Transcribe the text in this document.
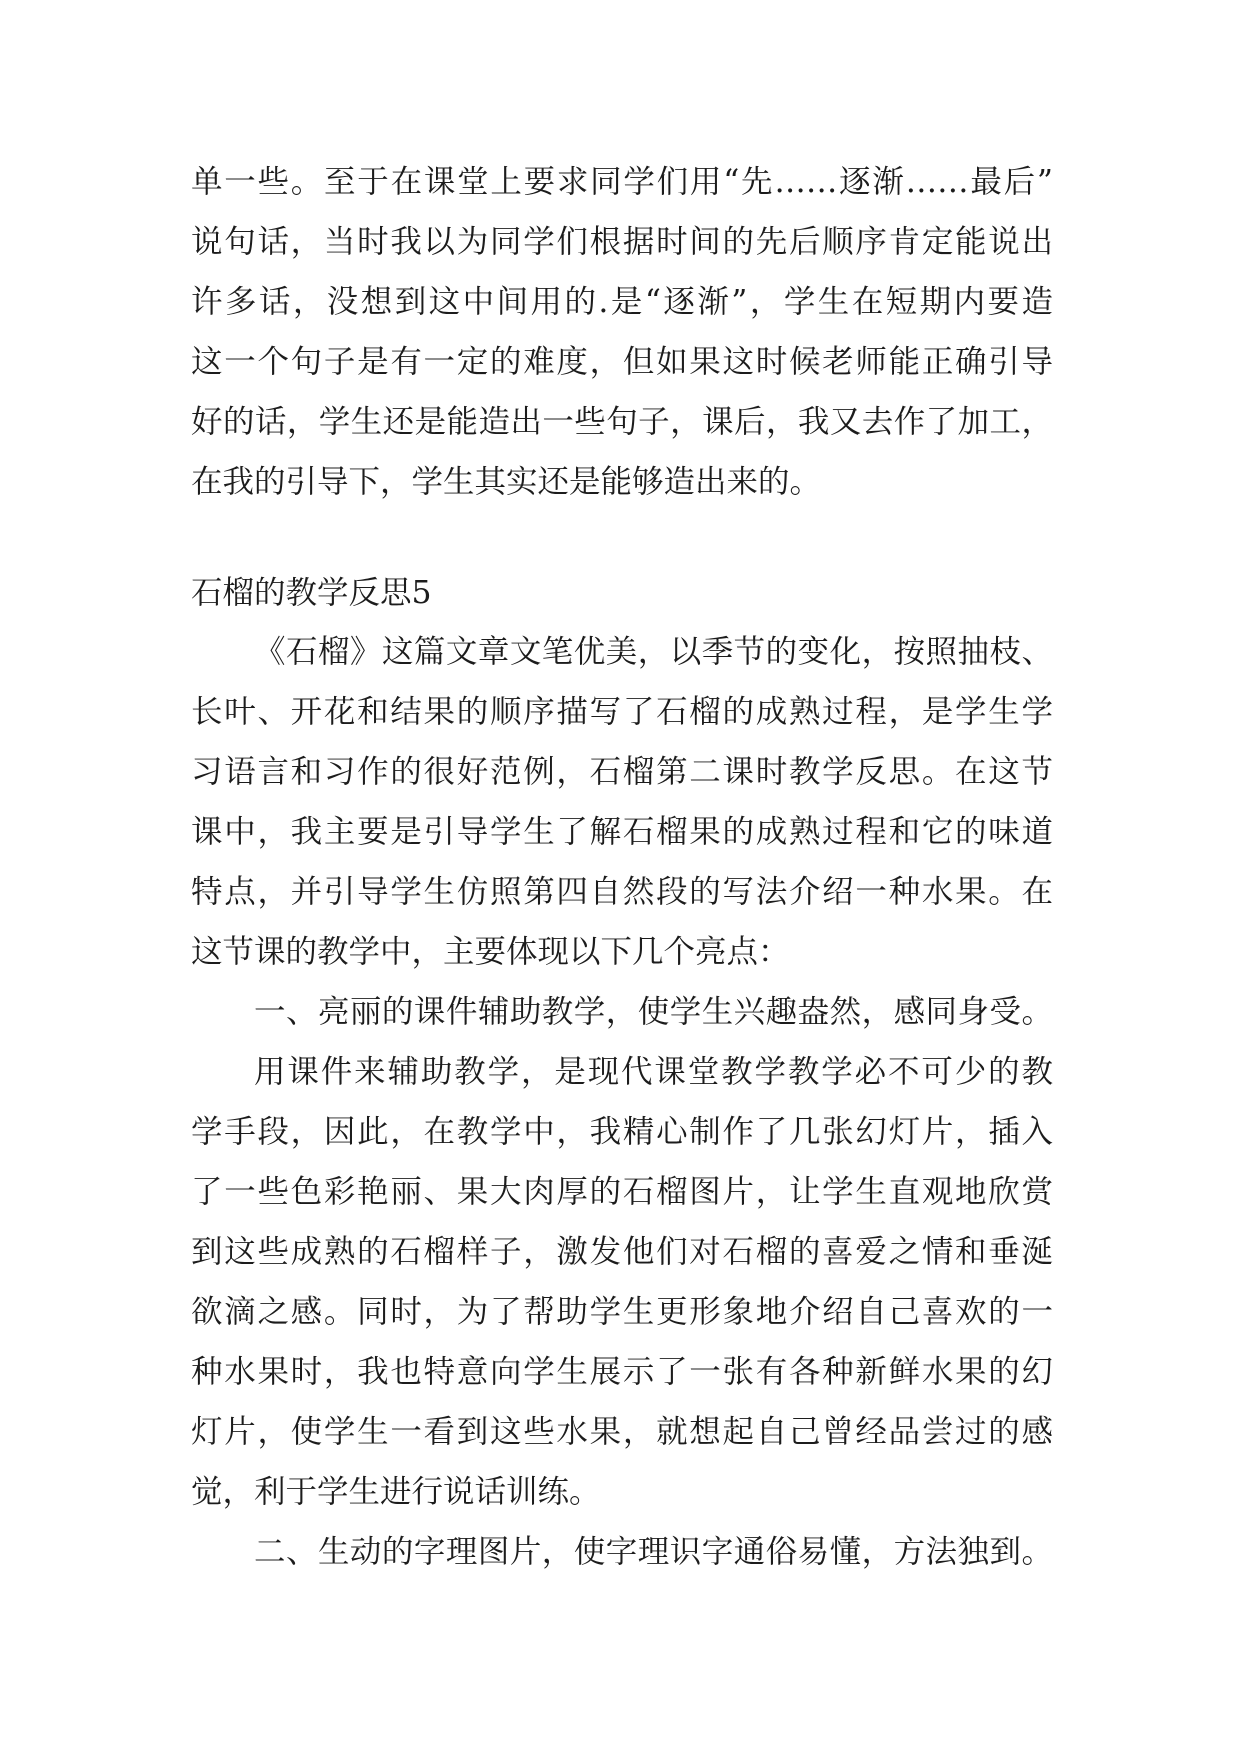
单一些。至于在课堂上要求同学们用“先……逐渐……最后”
说句话，当时我以为同学们根据时间的先后顺序肯定能说出
许多话，没想到这中间用的.是“逐渐”，学生在短期内要造
这一个句子是有一定的难度，但如果这时候老师能正确引导
好的话，学生还是能造出一些句子，课后，我又去作了加工，
在我的引导下，学生其实还是能够造出来的。
石榴的教学反思5
《石榴》这篇文章文笔优美，以季节的变化，按照抽枝、
长叶、开花和结果的顺序描写了石榴的成熟过程，是学生学
习语言和习作的很好范例，石榴第二课时教学反思。在这节
课中，我主要是引导学生了解石榴果的成熟过程和它的味道
特点，并引导学生仿照第四自然段的写法介绍一种水果。在
这节课的教学中，主要体现以下几个亮点：
一、亮丽的课件辅助教学，使学生兴趣盎然，感同身受。
用课件来辅助教学，是现代课堂教学教学必不可少的教
学手段，因此，在教学中，我精心制作了几张幻灯片，插入
了一些色彩艳丽、果大肉厚的石榴图片，让学生直观地欣赏
到这些成熟的石榴样子，激发他们对石榴的喜爱之情和垂涎
欲滴之感。同时，为了帮助学生更形象地介绍自己喜欢的一
种水果时，我也特意向学生展示了一张有各种新鲜水果的幻
灯片，使学生一看到这些水果，就想起自己曾经品尝过的感
觉，利于学生进行说话训练。
二、生动的字理图片，使字理识字通俗易懂，方法独到。
